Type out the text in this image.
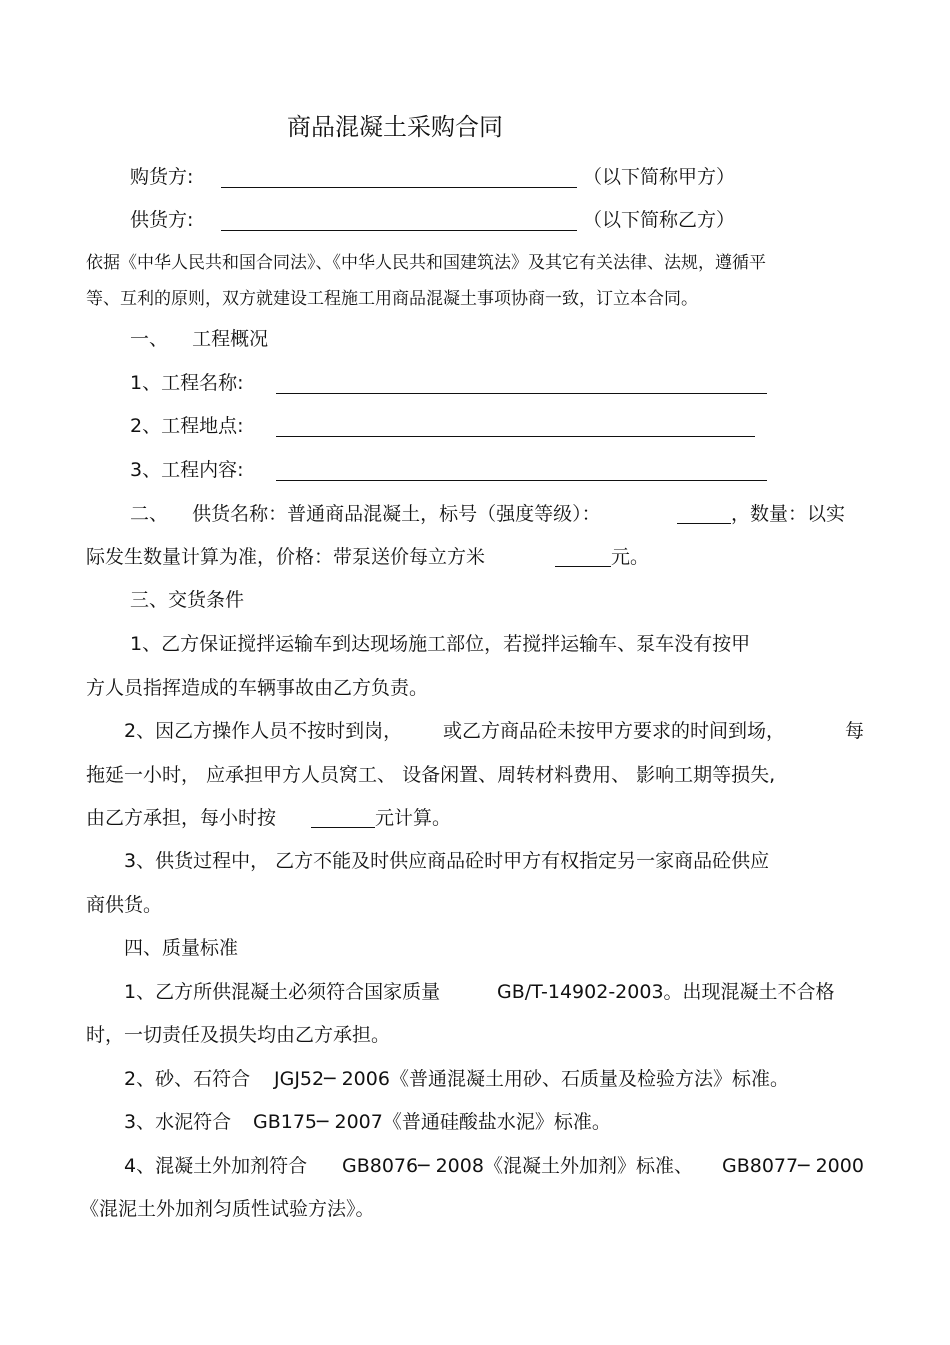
商品混凝土采购合同
购货方:	（以下简称甲方）
供货方:	（以下简称乙方）
依据《中华人民共和国合同法》、《中华人民共和国建筑法》及其它有关法律、法规，遵循平
等、互利的原则，双方就建设工程施工用商品混凝土事项协商一致，订立本合同。
一、    工程概况
1、工程名称:
2、工程地点:
3、工程内容:
二、    供货名称：普通商品混凝土，标号（强度等级）：	，数量：以实
际发生数量计算为准，价格：带泵送价每立方米	元。
三、交货条件
1、乙方保证搅拌运输车到达现场施工部位，若搅拌运输车、泵车没有按甲
方人员指挥造成的车辆事故由乙方负责。
2、因乙方操作人员不按时到岗， 或乙方商品砼未按甲方要求的时间到场，	每
拖延一小时， 应承担甲方人员窝工、 设备闲置、周转材料费用、 影响工期等损失,
由乙方承担，每小时按	元计算。
3、供货过程中， 乙方不能及时供应商品砼时甲方有权指定另一家商品砼供应
商供货。
四、质量标准
1、乙方所供混凝土必须符合国家质量	GB/T-14902-2003。出现混凝土不合格
时，一切责任及损失均由乙方承担。
2、砂、石符合 JGJ52─ 2006《普通混凝土用砂、石质量及检验方法》标准。
3、水泥符合 GB175─ 2007《普通硅酸盐水泥》标准。
4、混凝土外加剂符合 GB8076─ 2008《混凝土外加剂》标准、 GB8077─ 2000
《混泥土外加剂匀质性试验方法》。
